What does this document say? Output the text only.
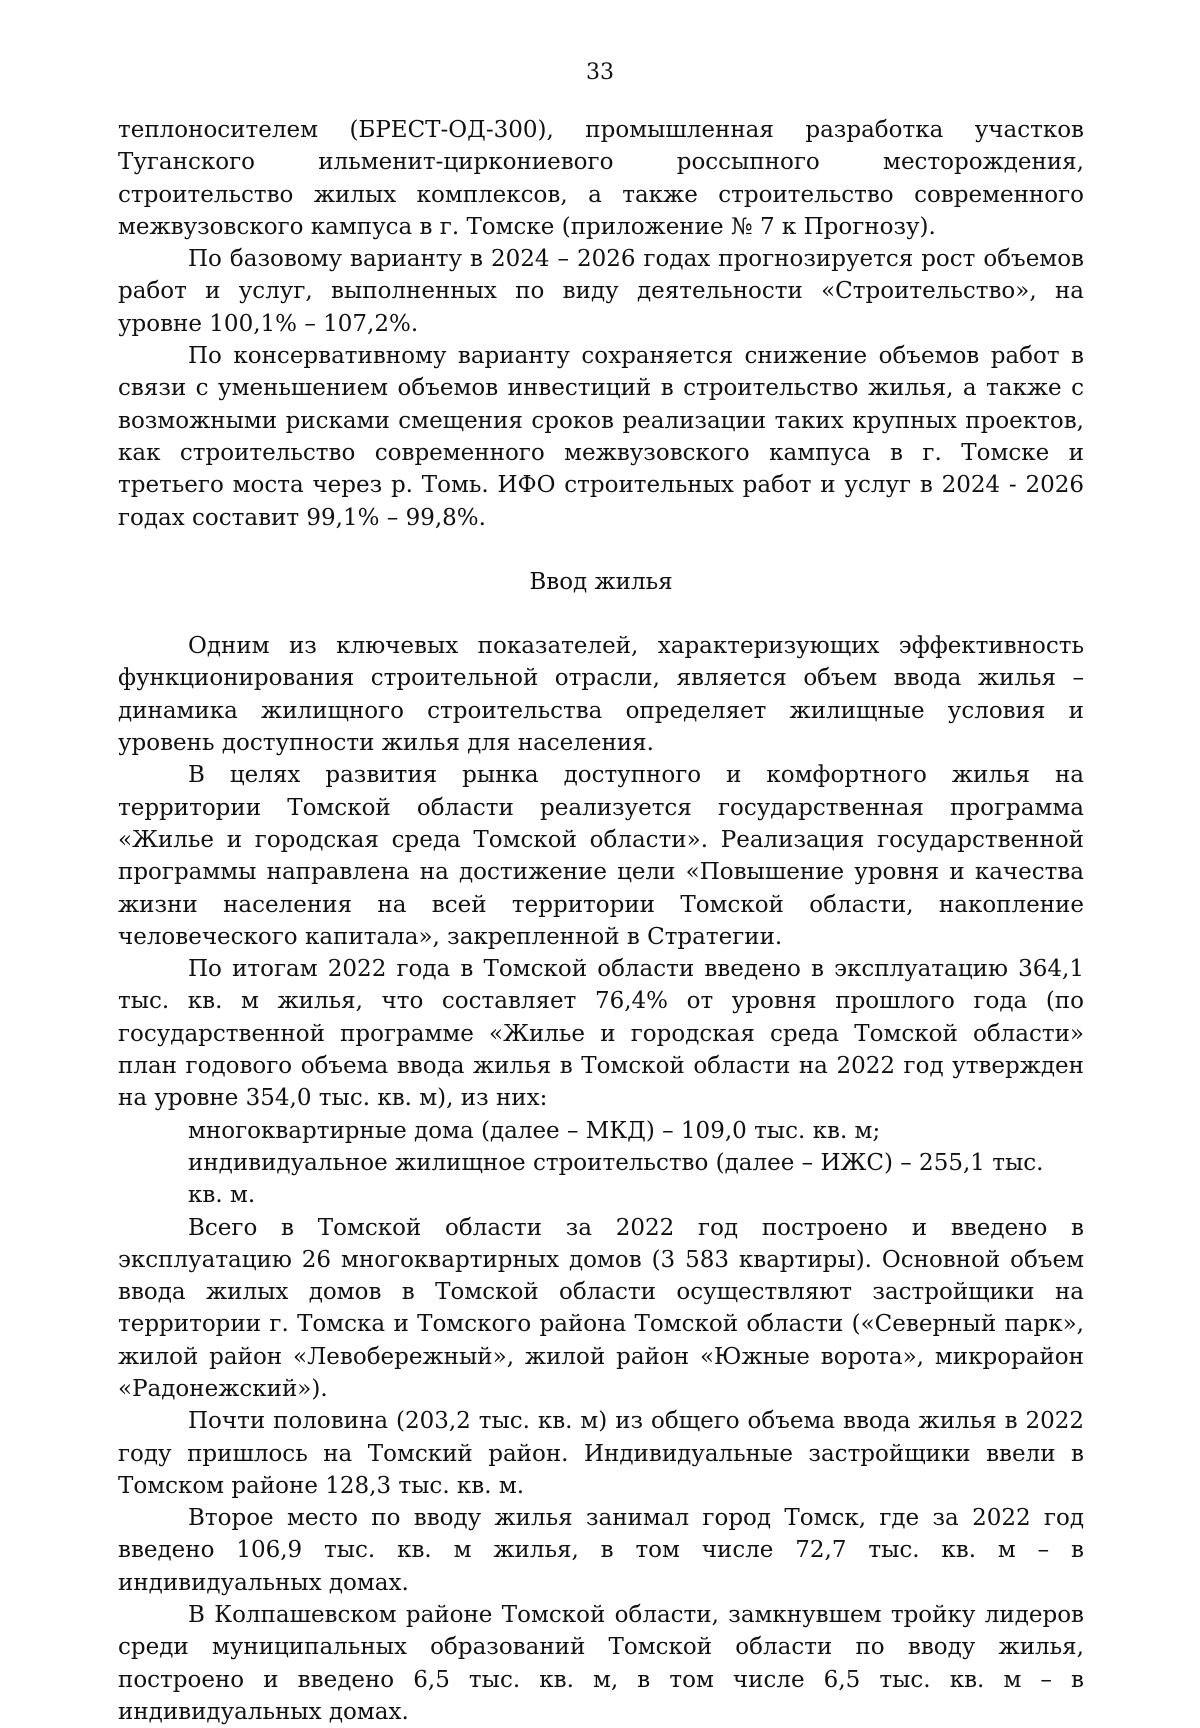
33

теплоносителем (БРЕСТ-ОД-300), промышленная разработка участков Туганского ильменит-циркониевого россыпного месторождения, строительство жилых комплексов, а также строительство современного межвузовского кампуса в г. Томске (приложение № 7 к Прогнозу).

По базовому варианту в 2024 – 2026 годах прогнозируется рост объемов работ и услуг, выполненных по виду деятельности «Строительство», на уровне 100,1% – 107,2%.

По консервативному варианту сохраняется снижение объемов работ в связи с уменьшением объемов инвестиций в строительство жилья, а также с возможными рисками смещения сроков реализации таких крупных проектов, как строительство современного межвузовского кампуса в г. Томске и третьего моста через р. Томь. ИФО строительных работ и услуг в 2024 - 2026 годах составит 99,1% – 99,8%.

Ввод жилья

Одним из ключевых показателей, характеризующих эффективность функционирования строительной отрасли, является объем ввода жилья – динамика жилищного строительства определяет жилищные условия и уровень доступности жилья для населения.

В целях развития рынка доступного и комфортного жилья на территории Томской области реализуется государственная программа «Жилье и городская среда Томской области». Реализация государственной программы направлена на достижение цели «Повышение уровня и качества жизни населения на всей территории Томской области, накопление человеческого капитала», закрепленной в Стратегии.

По итогам 2022 года в Томской области введено в эксплуатацию 364,1 тыс. кв. м жилья, что составляет 76,4% от уровня прошлого года (по государственной программе «Жилье и городская среда Томской области» план годового объема ввода жилья в Томской области на 2022 год утвержден на уровне 354,0 тыс. кв. м), из них:

многоквартирные дома (далее – МКД) – 109,0 тыс. кв. м;

индивидуальное жилищное строительство (далее – ИЖС) – 255,1 тыс. кв. м.

Всего в Томской области за 2022 год построено и введено в эксплуатацию 26 многоквартирных домов (3 583 квартиры). Основной объем ввода жилых домов в Томской области осуществляют застройщики на территории г. Томска и Томского района Томской области («Северный парк», жилой район «Левобережный», жилой район «Южные ворота», микрорайон «Радонежский»).

Почти половина (203,2 тыс. кв. м) из общего объема ввода жилья в 2022 году пришлось на Томский район. Индивидуальные застройщики ввели в Томском районе 128,3 тыс. кв. м.

Второе место по вводу жилья занимал город Томск, где за 2022 год введено 106,9 тыс. кв. м жилья, в том числе 72,7 тыс. кв. м – в индивидуальных домах.

В Колпашевском районе Томской области, замкнувшем тройку лидеров среди муниципальных образований Томской области по вводу жилья, построено и введено 6,5 тыс. кв. м, в том числе 6,5 тыс. кв. м – в индивидуальных домах.
